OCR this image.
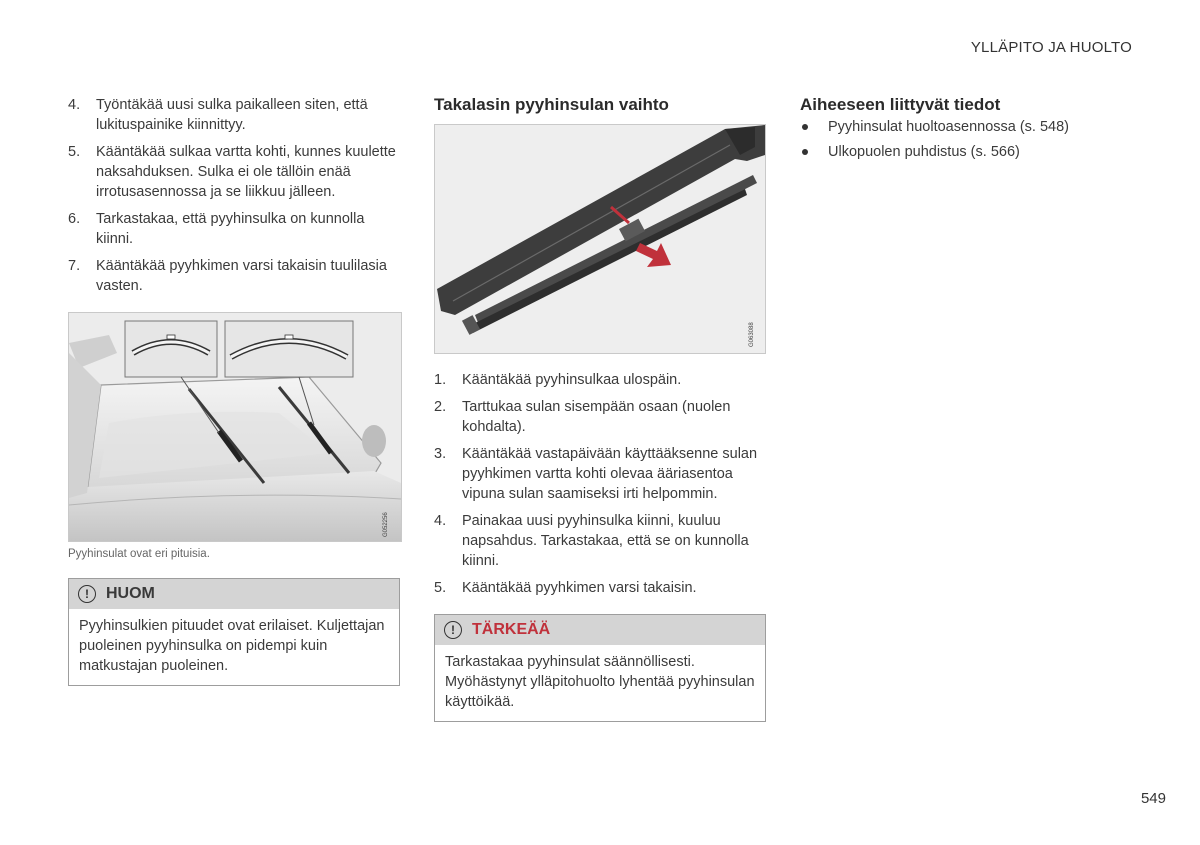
YLLÄPITO JA HUOLTO
4. Työntäkää uusi sulka paikalleen siten, että lukituspainike kiinnittyy.
5. Kääntäkää sulkaa vartta kohti, kunnes kuulette naksahduksen. Sulka ei ole tällöin enää irrotusasennossa ja se liikkuu jälleen.
6. Tarkastakaa, että pyyhinsulka on kunnolla kiinni.
7. Kääntäkää pyyhkimen varsi takaisin tuulilasia vasten.
G052256
Pyyhinsulat ovat eri pituisia.
!	HUOM
Pyyhinsulkien pituudet ovat erilaiset. Kuljettajan puoleinen pyyhinsulka on pidempi kuin matkustajan puoleinen.
Takalasin pyyhinsulan vaihto
G063088
1. Kääntäkää pyyhinsulkaa ulospäin.
2. Tarttukaa sulan sisempään osaan (nuolen kohdalta).
3. Kääntäkää vastapäivään käyttääksenne sulan pyyhkimen vartta kohti olevaa ääriasentoa vipuna sulan saamiseksi irti helpommin.
4. Painakaa uusi pyyhinsulka kiinni, kuuluu napsahdus. Tarkastakaa, että se on kunnolla kiinni.
5. Kääntäkää pyyhkimen varsi takaisin.
!	TÄRKEÄÄ
Tarkastakaa pyyhinsulat säännöllisesti. Myöhästynyt ylläpitohuolto lyhentää pyyhinsulan käyttöikää.
Aiheeseen liittyvät tiedot
Pyyhinsulat huoltoasennossa (s. 548)
Ulkopuolen puhdistus (s. 566)
549
